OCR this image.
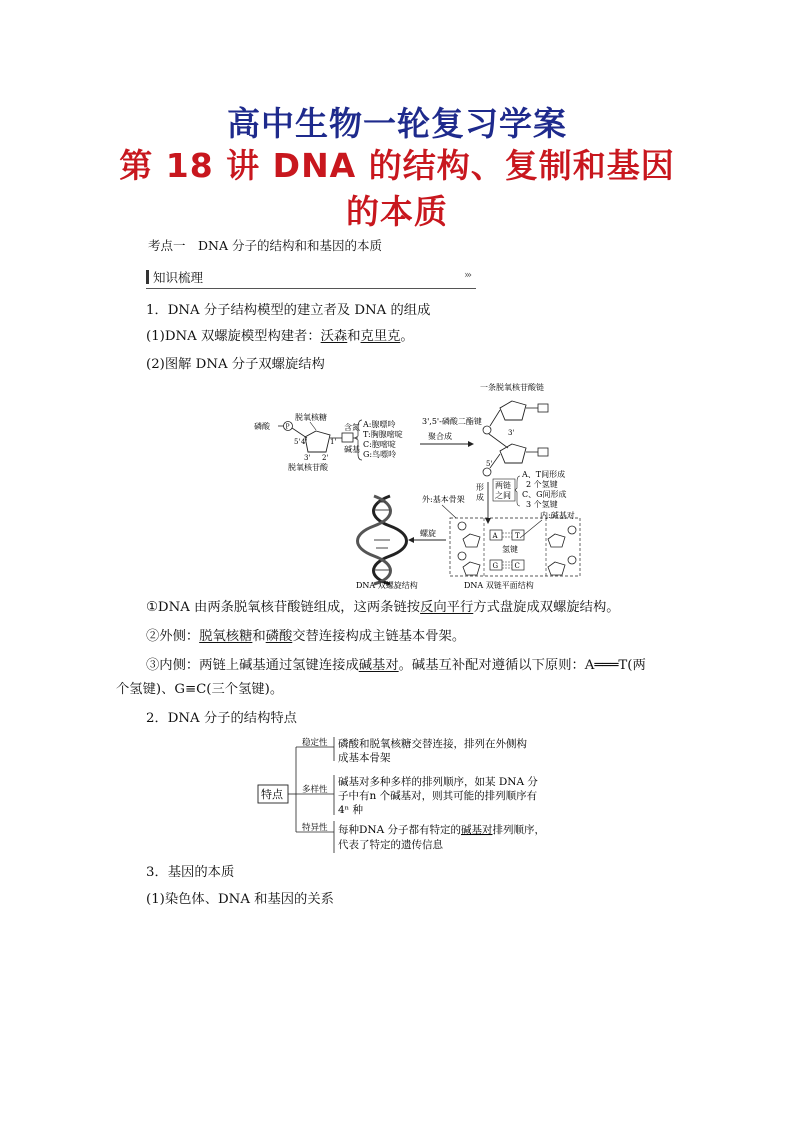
高中生物一轮复习学案
第 18 讲 DNA 的结构、复制和基因
的本质
考点一　DNA 分子的结构和和基因的本质
知识梳理	›››
1．DNA 分子结构模型的建立者及 DNA 的组成
(1)DNA 双螺旋模型构建者：沃森和克里克。
(2)图解 DNA 分子双螺旋结构
磷酸	P
脱氧核糖
5' 4'	1'
3' 2'
脱氧核苷酸
含氮
碱基
A:腺嘌呤
T:胸腺嘧啶
C:胞嘧啶
G:鸟嘌呤
聚合成
一条脱氧核苷酸链
3',5'-磷酸二酯键
3'
5'
形
成
两链
之间
A、T间形成
2 个氢键
C、G间形成
3 个氢键
内:碱基对
外:基本骨架
A T
氢键
G C
DNA 双链平面结构
螺旋
DNA 双螺旋结构
①DNA 由两条脱氧核苷酸链组成，这两条链按反向平行方式盘旋成双螺旋结构。
②外侧：脱氧核糖和磷酸交替连接构成主链基本骨架。
③内侧：两链上碱基通过氢键连接成碱基对。碱基互补配对遵循以下原则：A═══T(两
个氢键)、G≡C(三个氢键)。
2．DNA 分子的结构特点
特点
稳定性
多样性
特异性
磷酸和脱氧核糖交替连接，排列在外侧构
成基本骨架
碱基对多种多样的排列顺序，如某 DNA 分
子中有n 个碱基对，则其可能的排列顺序有
4ⁿ 种
每种DNA 分子都有特定的碱基对排列顺序，
代表了特定的遗传信息
3．基因的本质
(1)染色体、DNA 和基因的关系
